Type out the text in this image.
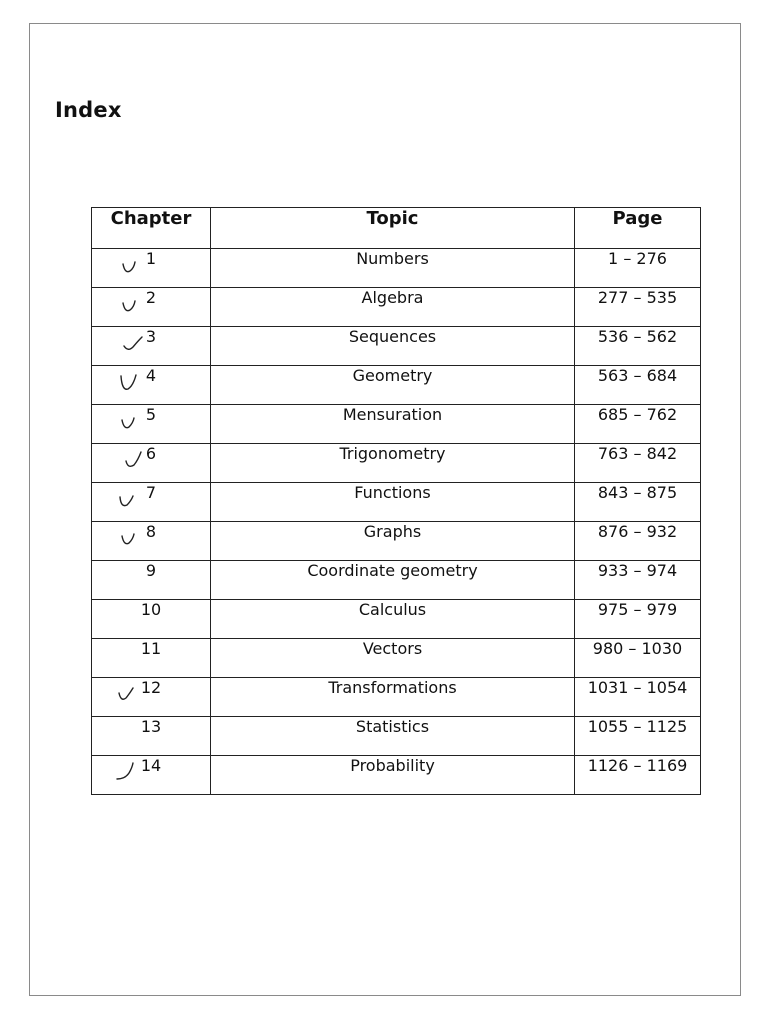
Index
Chapter	Topic	Page
1	Numbers	1 – 276

2	Algebra	277 – 535

3	Sequences	536 – 562

4	Geometry	563 – 684

5	Mensuration	685 – 762

6	Trigonometry	763 – 842

7	Functions	843 – 875

8	Graphs	876 – 932

9	Coordinate geometry	933 – 974

10	Calculus	975 – 979

11	Vectors	980 – 1030

12	Transformations	1031 – 1054

13	Statistics	1055 – 1125

14	Probability	1126 – 1169
